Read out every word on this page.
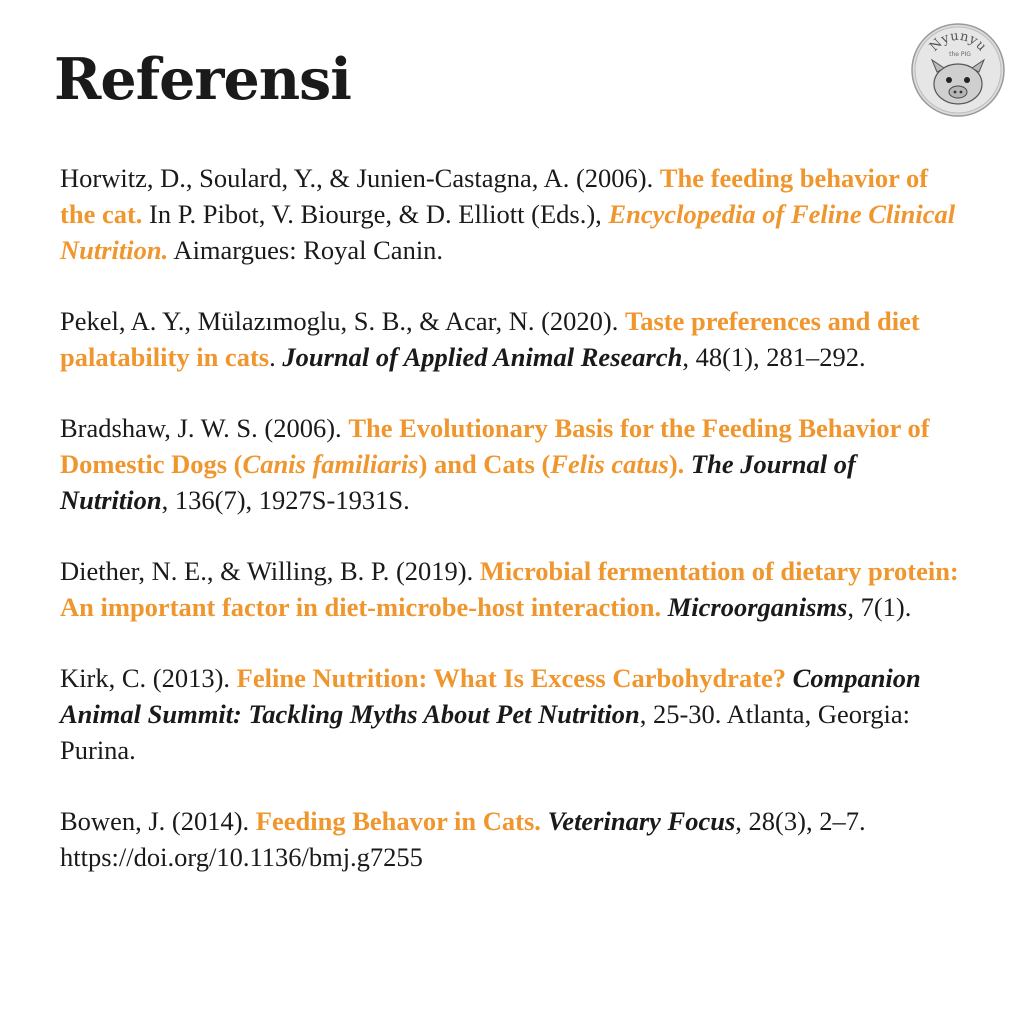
Referensi
Nyunyu
the PIG

Horwitz, D., Soulard, Y., & Junien-Castagna, A. (2006). The feeding behavior of the cat. In P. Pibot, V. Biourge, & D. Elliott (Eds.), Encyclopedia of Feline Clinical Nutrition. Aimargues: Royal Canin.

Pekel, A. Y., Mülazımoglu, S. B., & Acar, N. (2020). Taste preferences and diet palatability in cats. Journal of Applied Animal Research, 48(1), 281–292.

Bradshaw, J. W. S. (2006). The Evolutionary Basis for the Feeding Behavior of Domestic Dogs (Canis familiaris) and Cats (Felis catus). The Journal of Nutrition, 136(7), 1927S-1931S.

Diether, N. E., & Willing, B. P. (2019). Microbial fermentation of dietary protein: An important factor in diet-microbe-host interaction. Microorganisms, 7(1).

Kirk, C. (2013). Feline Nutrition: What Is Excess Carbohydrate? Companion Animal Summit: Tackling Myths About Pet Nutrition, 25-30. Atlanta, Georgia: Purina.

Bowen, J. (2014). Feeding Behavor in Cats. Veterinary Focus, 28(3), 2–7. https://doi.org/10.1136/bmj.g7255
